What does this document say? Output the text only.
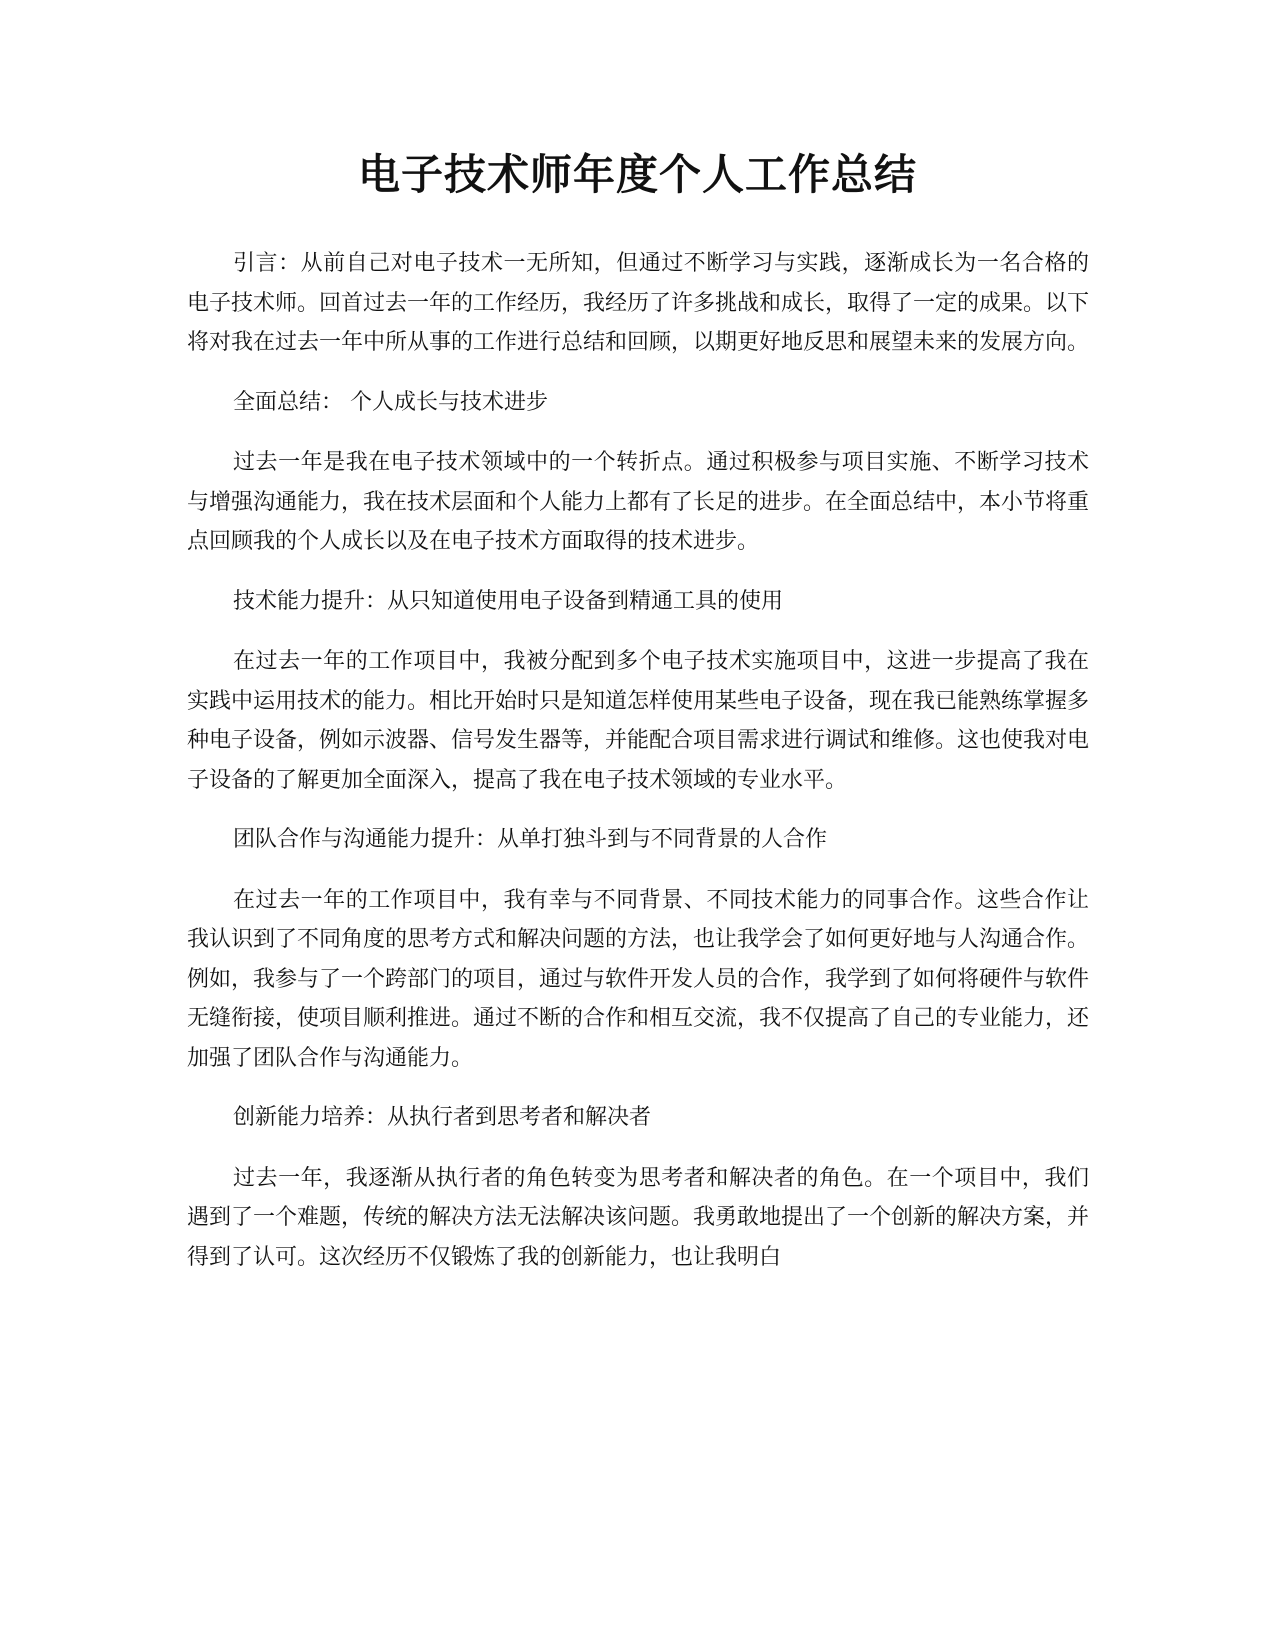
电子技术师年度个人工作总结

引言：从前自己对电子技术一无所知，但通过不断学习与实践，逐渐成长为一名合格的电子技术师。回首过去一年的工作经历，我经历了许多挑战和成长，取得了一定的成果。以下将对我在过去一年中所从事的工作进行总结和回顾，以期更好地反思和展望未来的发展方向。

全面总结： 个人成长与技术进步

过去一年是我在电子技术领域中的一个转折点。通过积极参与项目实施、不断学习技术与增强沟通能力，我在技术层面和个人能力上都有了长足的进步。在全面总结中，本小节将重点回顾我的个人成长以及在电子技术方面取得的技术进步。

技术能力提升：从只知道使用电子设备到精通工具的使用

在过去一年的工作项目中，我被分配到多个电子技术实施项目中，这进一步提高了我在实践中运用技术的能力。相比开始时只是知道怎样使用某些电子设备，现在我已能熟练掌握多种电子设备，例如示波器、信号发生器等，并能配合项目需求进行调试和维修。这也使我对电子设备的了解更加全面深入，提高了我在电子技术领域的专业水平。

团队合作与沟通能力提升：从单打独斗到与不同背景的人合作

在过去一年的工作项目中，我有幸与不同背景、不同技术能力的同事合作。这些合作让我认识到了不同角度的思考方式和解决问题的方法，也让我学会了如何更好地与人沟通合作。例如，我参与了一个跨部门的项目，通过与软件开发人员的合作，我学到了如何将硬件与软件无缝衔接，使项目顺利推进。通过不断的合作和相互交流，我不仅提高了自己的专业能力，还加强了团队合作与沟通能力。

创新能力培养：从执行者到思考者和解决者

过去一年，我逐渐从执行者的角色转变为思考者和解决者的角色。在一个项目中，我们遇到了一个难题，传统的解决方法无法解决该问题。我勇敢地提出了一个创新的解决方案，并得到了认可。这次经历不仅锻炼了我的创新能力，也让我明白
